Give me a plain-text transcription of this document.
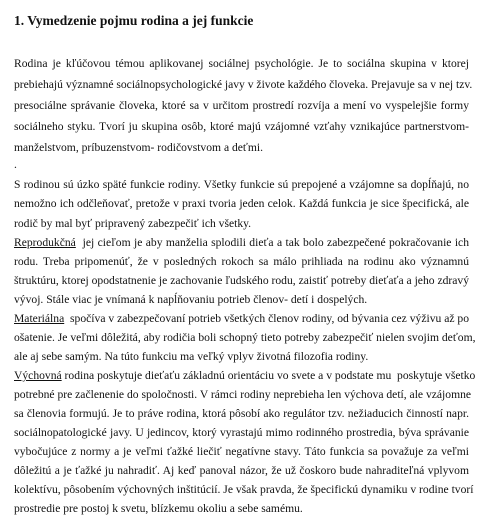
1. Vymedzenie pojmu rodina a jej funkcie
Rodina je kľúčovou témou aplikovanej sociálnej psychológie. Je to sociálna skupina v ktorej
prebiehajú významné sociálnopsychologické javy v živote každého človeka. Prejavuje sa v nej tzv.
presociálne správanie človeka, ktoré sa v určitom prostredí rozvíja a mení vo vyspelejšie formy
sociálneho styku. Tvorí ju skupina osôb, ktoré majú vzájomné vzťahy vznikajúce partnerstvom-
manželstvom, príbuzenstvom- rodičovstvom a deťmi.
.
S rodinou sú úzko späté funkcie rodiny. Všetky funkcie sú prepojené a vzájomne sa dopĺňajú, no
nemožno ich odčleňovať, pretože v praxi tvoria jeden celok. Každá funkcia je sice špecifická, ale
rodič by mal byť pripravený zabezpečiť ich všetky.
Reprodukčná  jej cieľom je aby manželia splodili dieťa a tak bolo zabezpečené pokračovanie ich
rodu. Treba pripomenúť, že v posledných rokoch sa málo prihliada na rodinu ako významnú
štruktúru, ktorej opodstatnenie je zachovanie ľudského rodu, zaistiť potreby dieťaťa a jeho zdravý
vývoj. Stále viac je vnímaná k napĺňovaniu potrieb členov- detí i dospelých.
Materiálna  spočíva v zabezpečovaní potrieb všetkých členov rodiny, od bývania cez výživu až po
ošatenie. Je veľmi dôležitá, aby rodičia boli schopný tieto potreby zabezpečiť nielen svojim deťom,
ale aj sebe samým. Na túto funkciu ma veľký vplyv životná filozofia rodiny.
Výchovná rodina poskytuje dieťaťu základnú orientáciu vo svete a v podstate mu  poskytuje všetko
potrebné pre začlenenie do spoločnosti. V rámci rodiny neprebieha len výchova detí, ale vzájomne
sa členovia formujú. Je to práve rodina, ktorá pôsobí ako regulátor tzv. nežiaducich činností napr.
sociálnopatologické javy. U jedincov, ktorý vyrastajú mimo rodinného prostredia, býva správanie
vybočujúce z normy a je veľmi ťažké liečiť negatívne stavy. Táto funkcia sa považuje za veľmi
dôležitú a je ťažké ju nahradiť. Aj keď panoval názor, že už čoskoro bude nahraditeľná vplyvom
kolektívu, pôsobením výchovných inštitúcií. Je však pravda, že špecifickú dynamiku v rodine tvorí
prostredie pre postoj k svetu, blízkemu okoliu a sebe samému.
